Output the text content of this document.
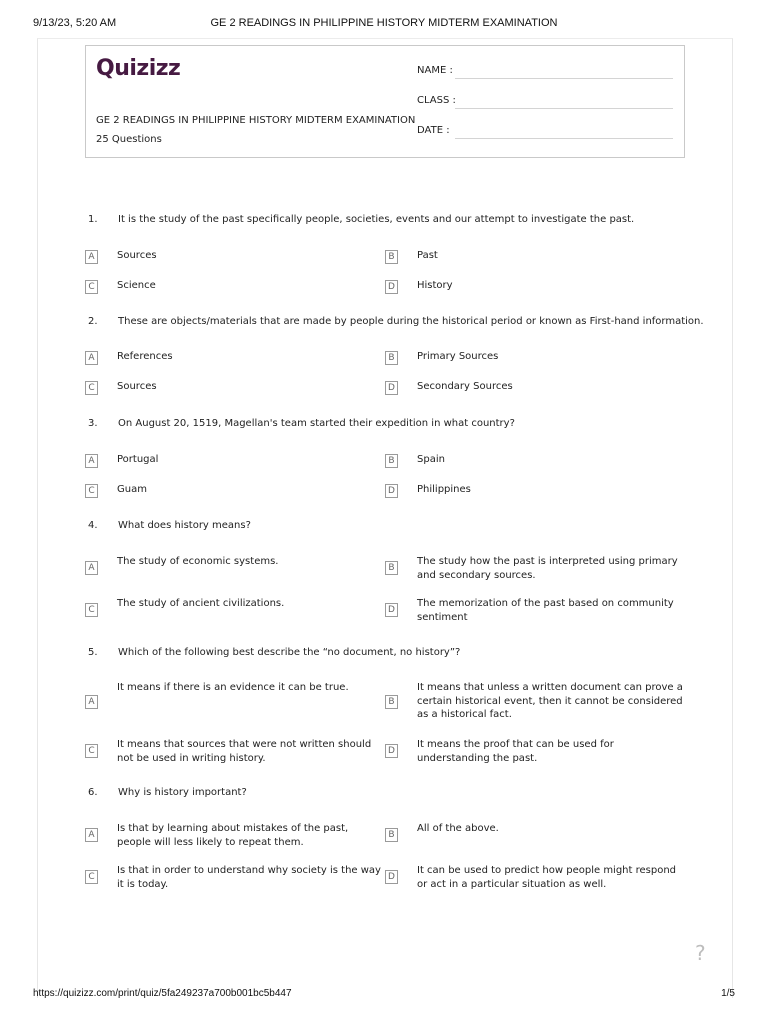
9/13/23, 5:20 AM	GE 2 READINGS IN PHILIPPINE HISTORY MIDTERM EXAMINATION
Quizizz
GE 2 READINGS IN PHILIPPINE HISTORY MIDTERM EXAMINATION
25 Questions
NAME :
CLASS :
DATE :
1. It is the study of the past specifically people, societies, events and our attempt to investigate the past.
A	Sources	B	Past
C	Science	D	History
2. These are objects/materials that are made by people during the historical period or known as First-hand information.
A	References	B	Primary Sources
C	Sources	D	Secondary Sources
3. On August 20, 1519, Magellan's team started their expedition in what country?
A	Portugal	B	Spain
C	Guam	D	Philippines
4. What does history means?
A
The study of economic systems.
B
The study how the past is interpreted using primary and secondary sources.
C
The study of ancient civilizations.
D
The memorization of the past based on community sentiment
5. Which of the following best describe the “no document, no history”?
A
It means if there is an evidence it can be true.
B
It means that unless a written document can prove a certain historical event, then it cannot be considered as a historical fact.
C
It means that sources that were not written should not be used in writing history.
D
It means the proof that can be used for understanding the past.
6. Why is history important?
A
Is that by learning about mistakes of the past, people will less likely to repeat them.
B
All of the above.
C
Is that in order to understand why society is the way it is today.
D
It can be used to predict how people might respond or act in a particular situation as well.
?
https://quizizz.com/print/quiz/5fa249237a700b001bc5b447	1/5
